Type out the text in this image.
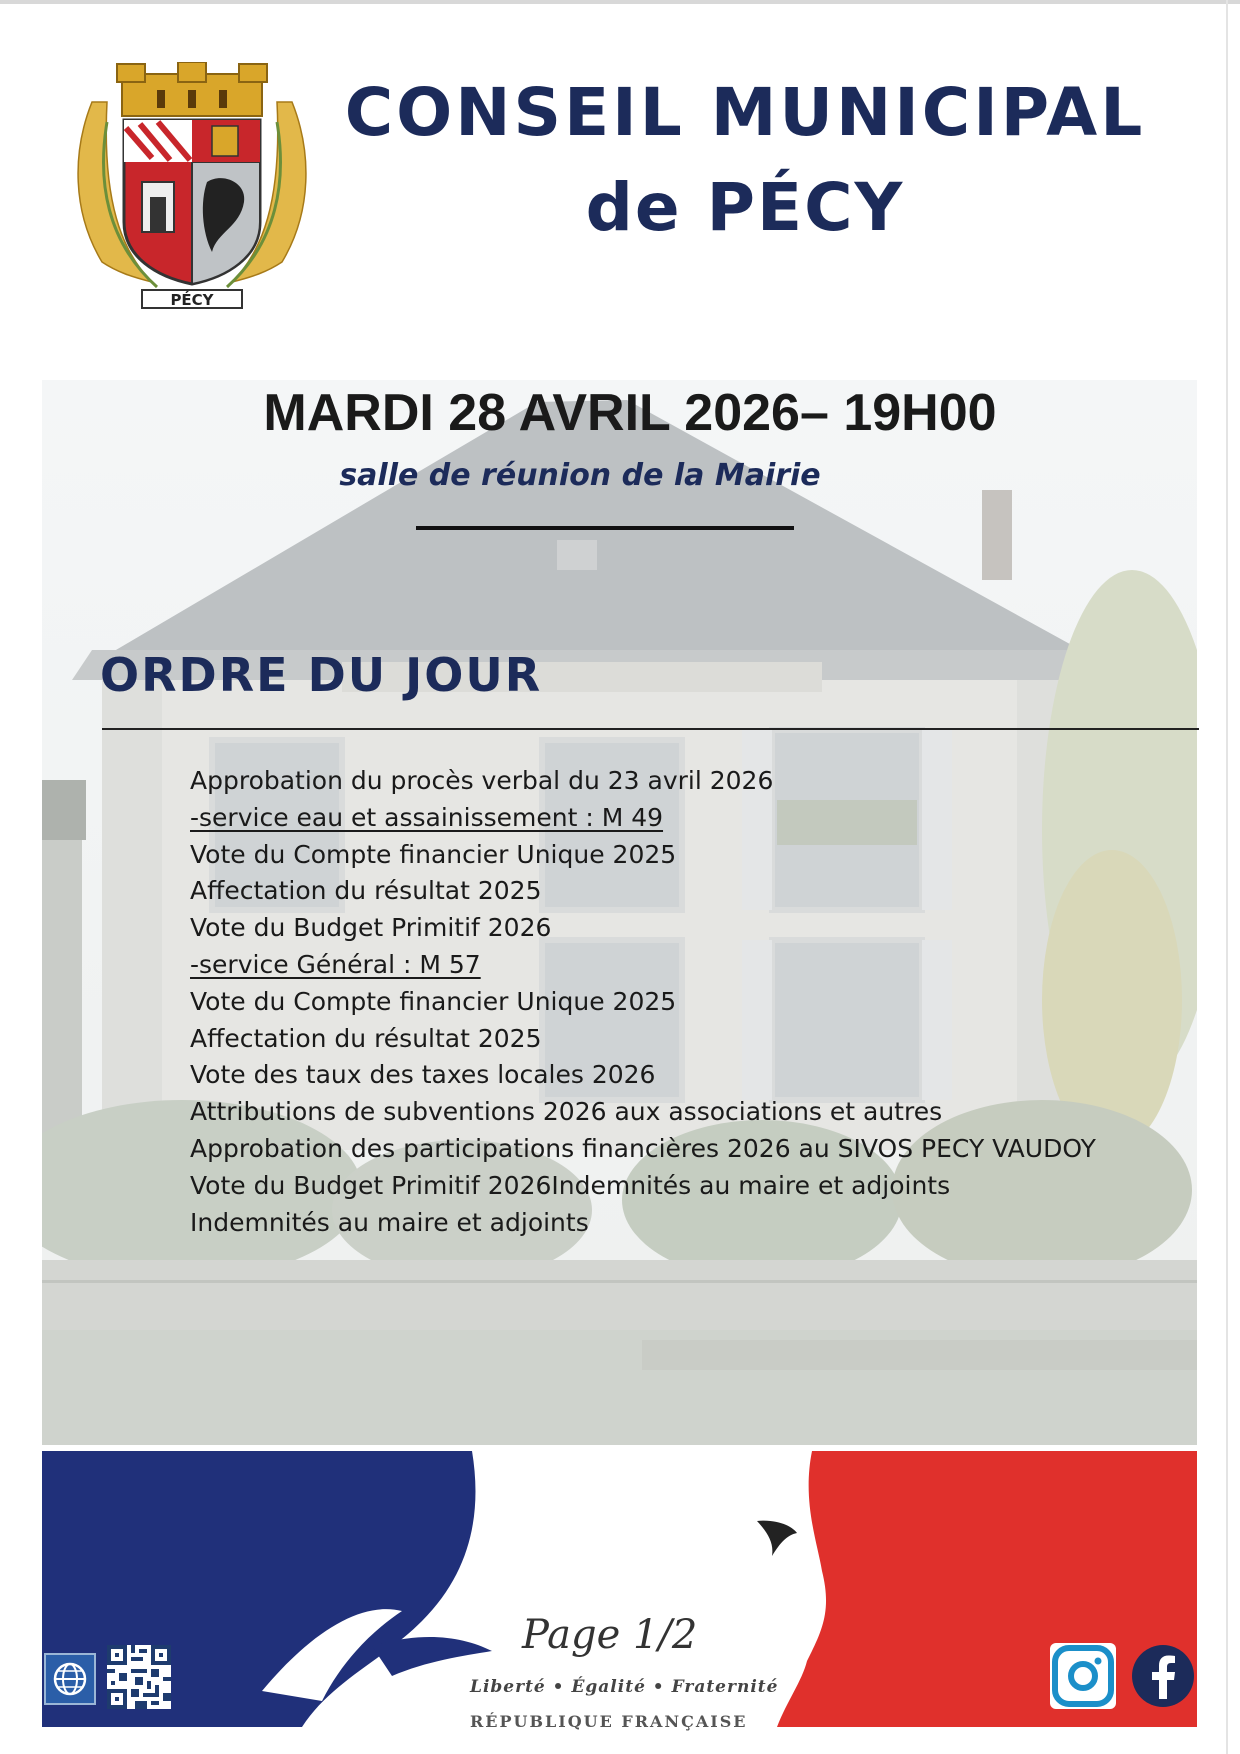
PÉCY
CONSEIL MUNICIPAL
de PÉCY
MARDI 28 AVRIL 2026– 19H00
salle de réunion de la Mairie
ORDRE DU JOUR
Approbation du procès verbal du 23 avril 2026
-service eau et assainissement : M 49
Vote du Compte financier Unique 2025
Affectation du résultat 2025
Vote du Budget Primitif 2026
-service Général : M 57
Vote du Compte financier Unique 2025
Affectation du résultat 2025
Vote des taux des taxes locales 2026
Attributions de subventions 2026 aux associations et autres
Approbation des participations financières 2026 au SIVOS PECY VAUDOY
Vote du Budget Primitif 2026Indemnités au maire et adjoints
Indemnités au maire et adjoints
Page 1/2
Liberté • Égalité • Fraternité
RÉPUBLIQUE FRANÇAISE
